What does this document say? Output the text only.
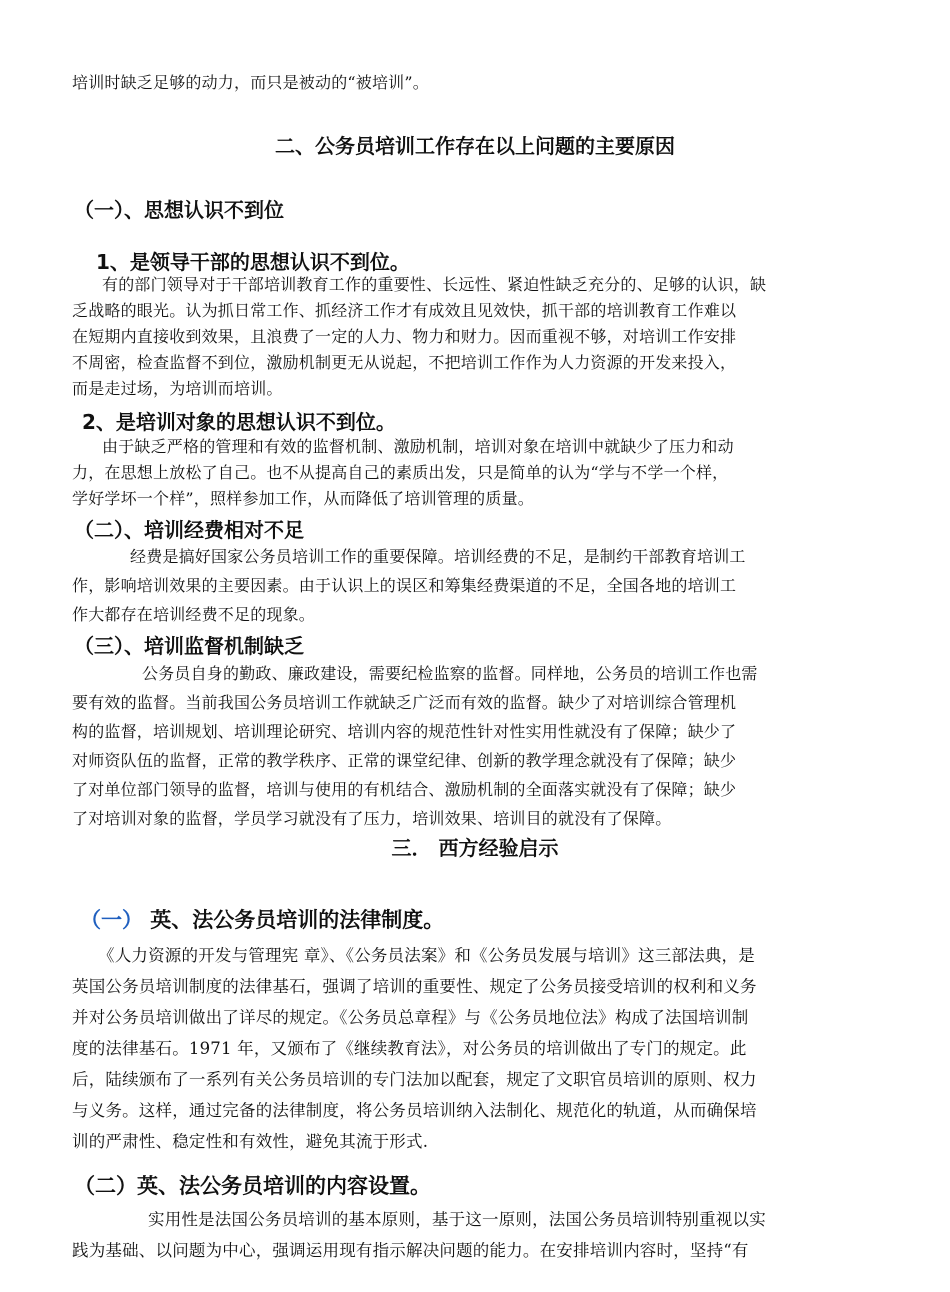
培训时缺乏足够的动力，而只是被动的“被培训”。
二、公务员培训工作存在以上问题的主要原因
（一）、思想认识不到位
1、是领导干部的思想认识不到位。
有的部门领导对于干部培训教育工作的重要性、长远性、紧迫性缺乏充分的、足够的认识，缺
乏战略的眼光。认为抓日常工作、抓经济工作才有成效且见效快，抓干部的培训教育工作难以
在短期内直接收到效果，且浪费了一定的人力、物力和财力。因而重视不够，对培训工作安排
不周密，检查监督不到位，激励机制更无从说起，不把培训工作作为人力资源的开发来投入，
而是走过场，为培训而培训。
2、是培训对象的思想认识不到位。
由于缺乏严格的管理和有效的监督机制、激励机制，培训对象在培训中就缺少了压力和动
力，在思想上放松了自己。也不从提高自己的素质出发，只是简单的认为“学与不学一个样，
学好学坏一个样”，照样参加工作，从而降低了培训管理的质量。
（二）、培训经费相对不足
经费是搞好国家公务员培训工作的重要保障。培训经费的不足，是制约干部教育培训工
作，影响培训效果的主要因素。由于认识上的误区和筹集经费渠道的不足，全国各地的培训工
作大都存在培训经费不足的现象。
（三）、培训监督机制缺乏
公务员自身的勤政、廉政建设，需要纪检监察的监督。同样地，公务员的培训工作也需
要有效的监督。当前我国公务员培训工作就缺乏广泛而有效的监督。缺少了对培训综合管理机
构的监督，培训规划、培训理论研究、培训内容的规范性针对性实用性就没有了保障；缺少了
对师资队伍的监督，正常的教学秩序、正常的课堂纪律、创新的教学理念就没有了保障；缺少
了对单位部门领导的监督，培训与使用的有机结合、激励机制的全面落实就没有了保障；缺少
了对培训对象的监督，学员学习就没有了压力，培训效果、培训目的就没有了保障。
三． 西方经验启示
（一） 英、法公务员培训的法律制度。
《人力资源的开发与管理宪 章》、《公务员法案》和《公务员发展与培训》这三部法典，是
英国公务员培训制度的法律基石，强调了培训的重要性、规定了公务员接受培训的权利和义务
并对公务员培训做出了详尽的规定。《公务员总章程》与《公务员地位法》构成了法国培训制
度的法律基石。1971 年，又颁布了《继续教育法》，对公务员的培训做出了专门的规定。此
后，陆续颁布了一系列有关公务员培训的专门法加以配套，规定了文职官员培训的原则、权力
与义务。这样，通过完备的法律制度，将公务员培训纳入法制化、规范化的轨道，从而确保培
训的严肃性、稳定性和有效性，避免其流于形式.
（二）英、法公务员培训的内容设置。
实用性是法国公务员培训的基本原则，基于这一原则，法国公务员培训特别重视以实
践为基础、以问题为中心，强调运用现有指示解决问题的能力。在安排培训内容时，坚持“有
